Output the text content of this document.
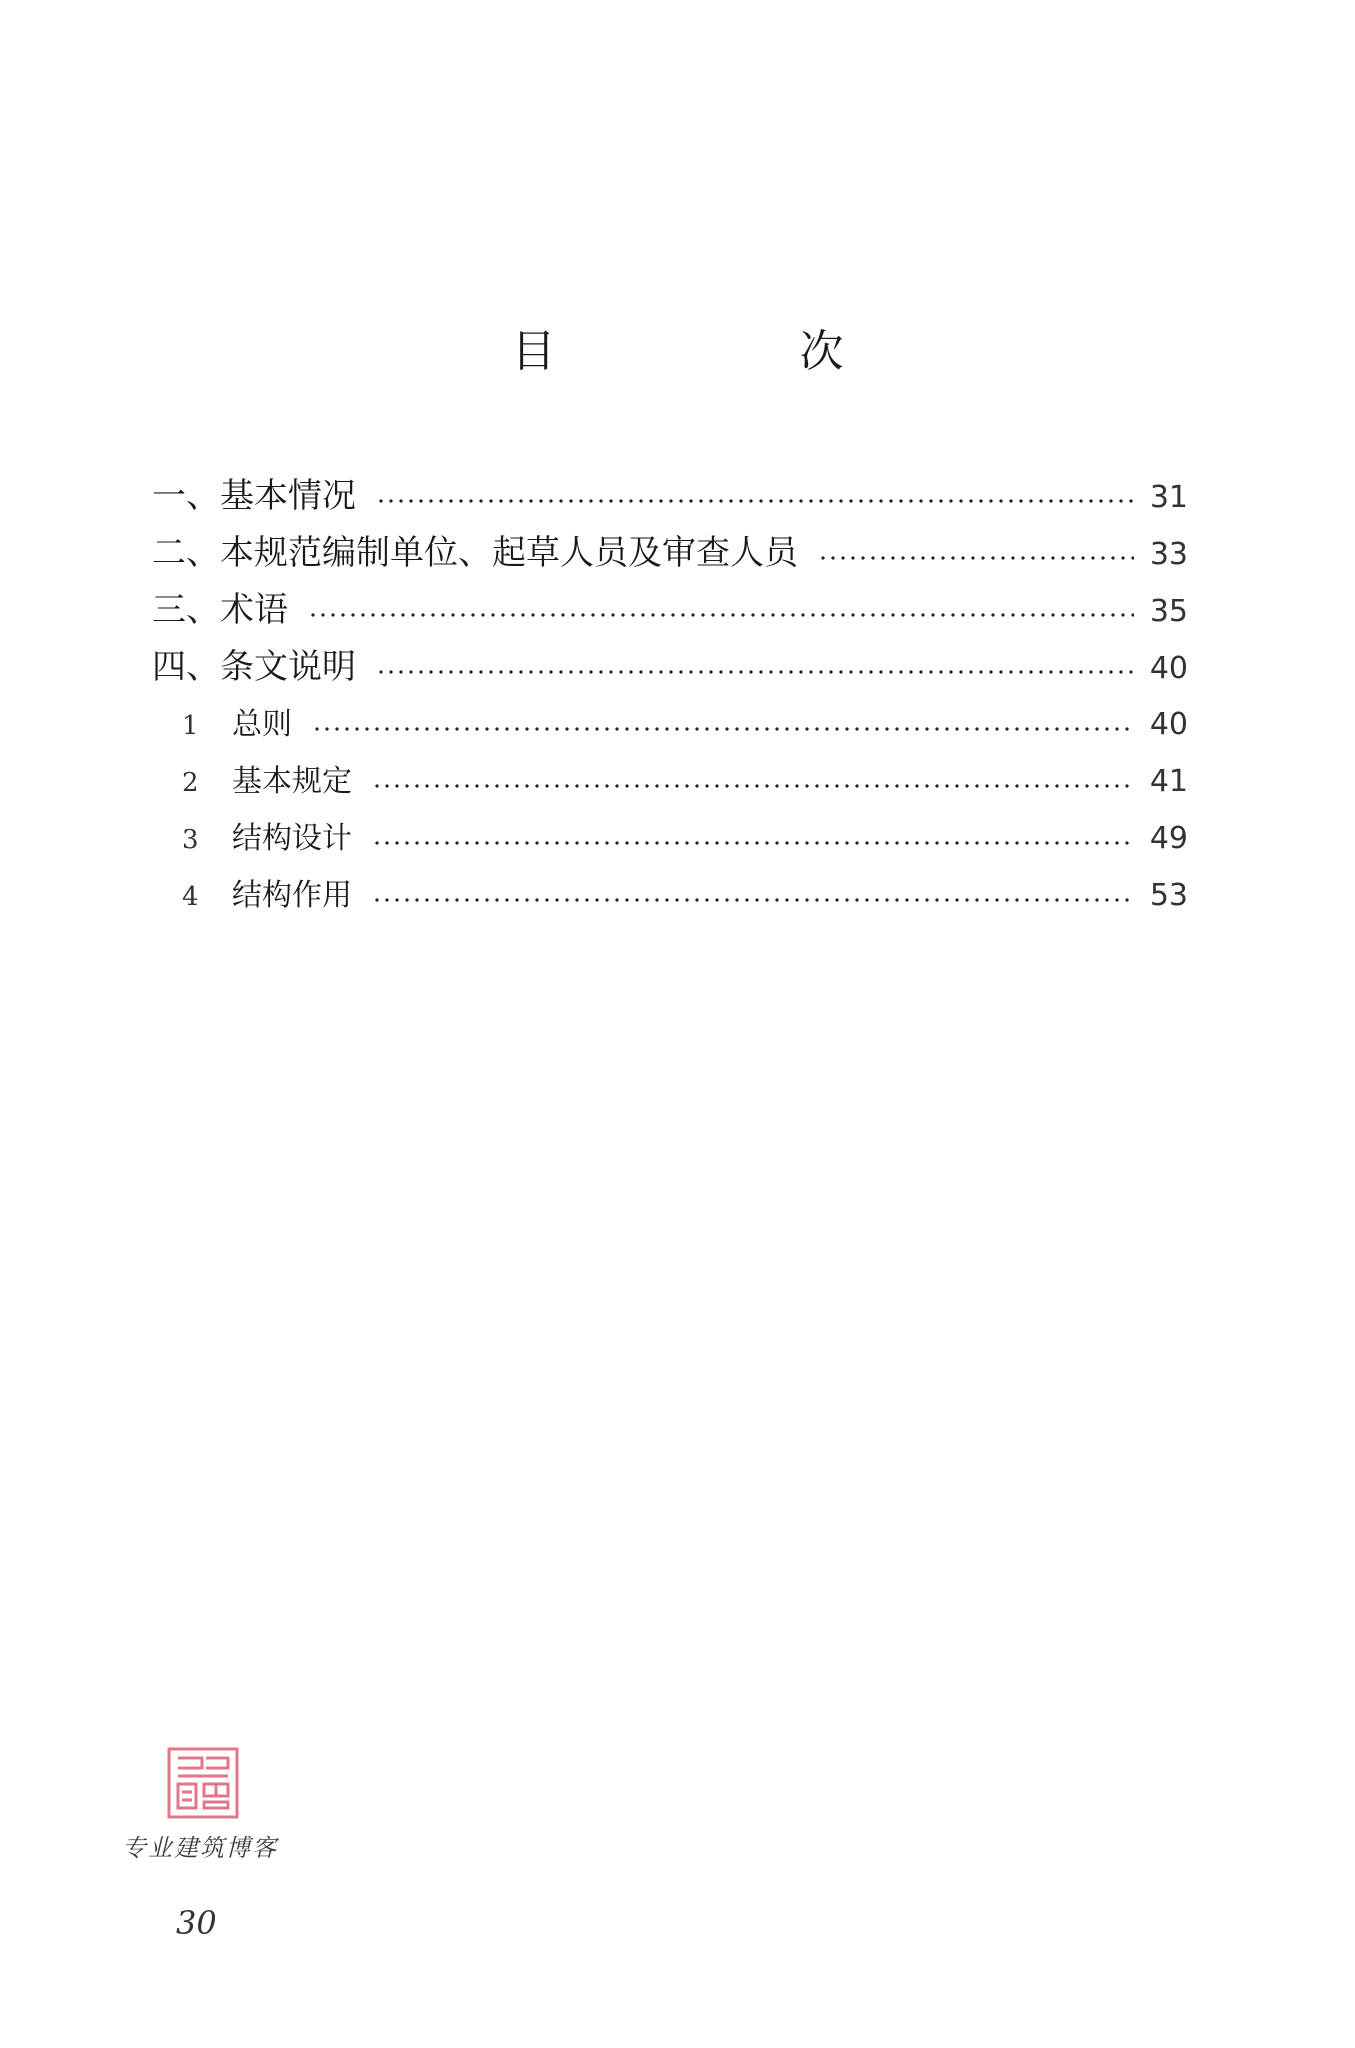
目　次
一、基本情况	31
二、本规范编制单位、起草人员及审查人员	33
三、术语	35
四、条文说明	40
1	总则	40
2	基本规定	41
3	结构设计	49
4	结构作用	53
专业建筑博客
30
